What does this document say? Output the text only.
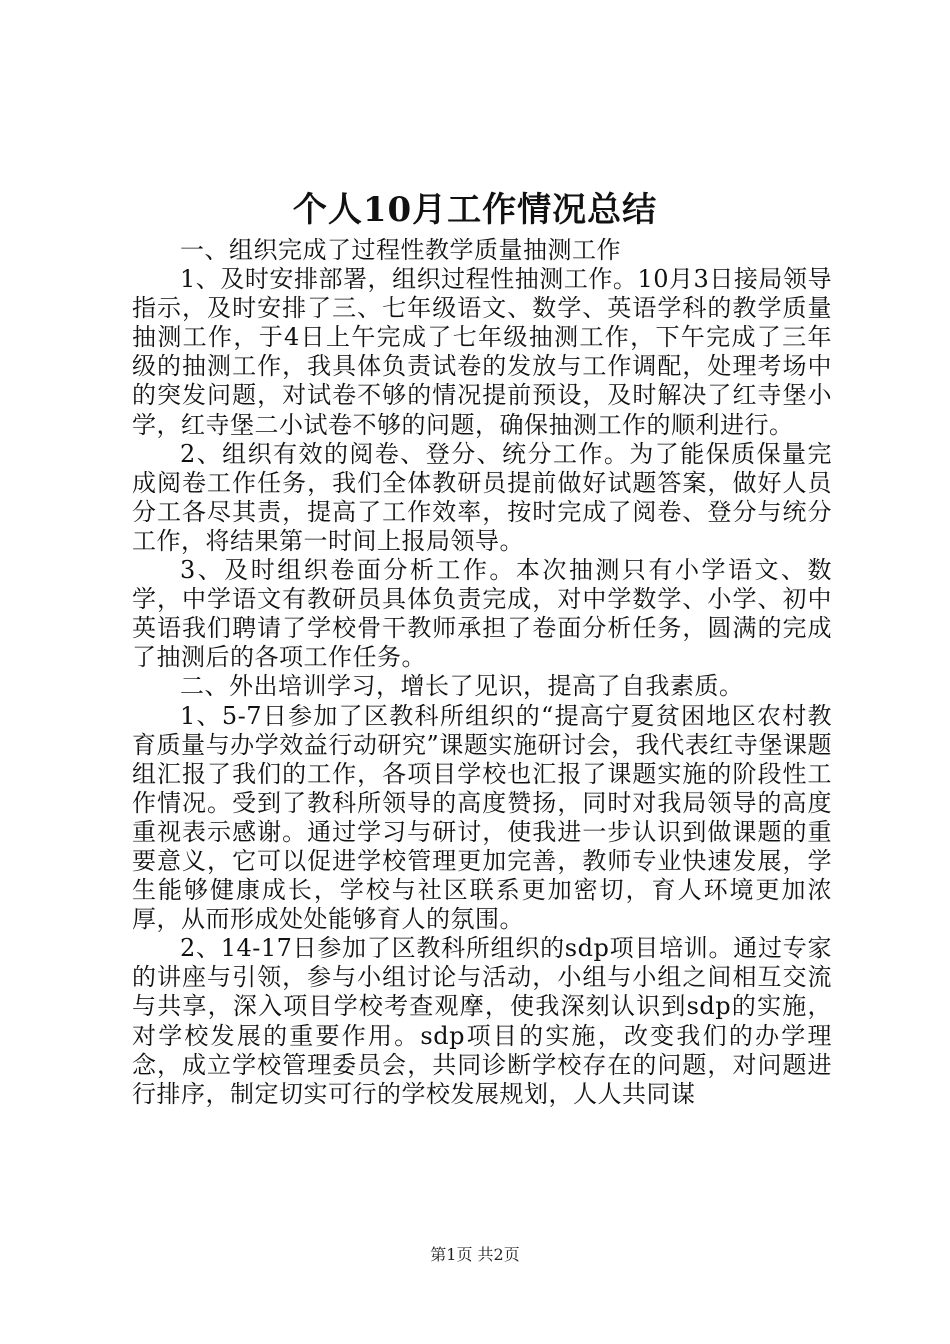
个人10月工作情况总结

一、组织完成了过程性教学质量抽测工作

1、及时安排部署，组织过程性抽测工作。10月3日接局领导指示，及时安排了三、七年级语文、数学、英语学科的教学质量抽测工作，于4日上午完成了七年级抽测工作，下午完成了三年级的抽测工作，我具体负责试卷的发放与工作调配，处理考场中的突发问题，对试卷不够的情况提前预设，及时解决了红寺堡小学，红寺堡二小试卷不够的问题，确保抽测工作的顺利进行。

2、组织有效的阅卷、登分、统分工作。为了能保质保量完成阅卷工作任务，我们全体教研员提前做好试题答案，做好人员分工各尽其责，提高了工作效率，按时完成了阅卷、登分与统分工作，将结果第一时间上报局领导。

3、及时组织卷面分析工作。本次抽测只有小学语文、数学，中学语文有教研员具体负责完成，对中学数学、小学、初中英语我们聘请了学校骨干教师承担了卷面分析任务，圆满的完成了抽测后的各项工作任务。

二、外出培训学习，增长了见识，提高了自我素质。

1、5-7日参加了区教科所组织的“提高宁夏贫困地区农村教育质量与办学效益行动研究”课题实施研讨会，我代表红寺堡课题组汇报了我们的工作，各项目学校也汇报了课题实施的阶段性工作情况。受到了教科所领导的高度赞扬，同时对我局领导的高度重视表示感谢。通过学习与研讨，使我进一步认识到做课题的重要意义，它可以促进学校管理更加完善，教师专业快速发展，学生能够健康成长，学校与社区联系更加密切，育人环境更加浓厚，从而形成处处能够育人的氛围。

2、14-17日参加了区教科所组织的sdp项目培训。通过专家的讲座与引领，参与小组讨论与活动，小组与小组之间相互交流与共享，深入项目学校考查观摩，使我深刻认识到sdp的实施，对学校发展的重要作用。sdp项目的实施，改变我们的办学理念，成立学校管理委员会，共同诊断学校存在的问题，对问题进行排序，制定切实可行的学校发展规划，人人共同谋

第1页 共2页
